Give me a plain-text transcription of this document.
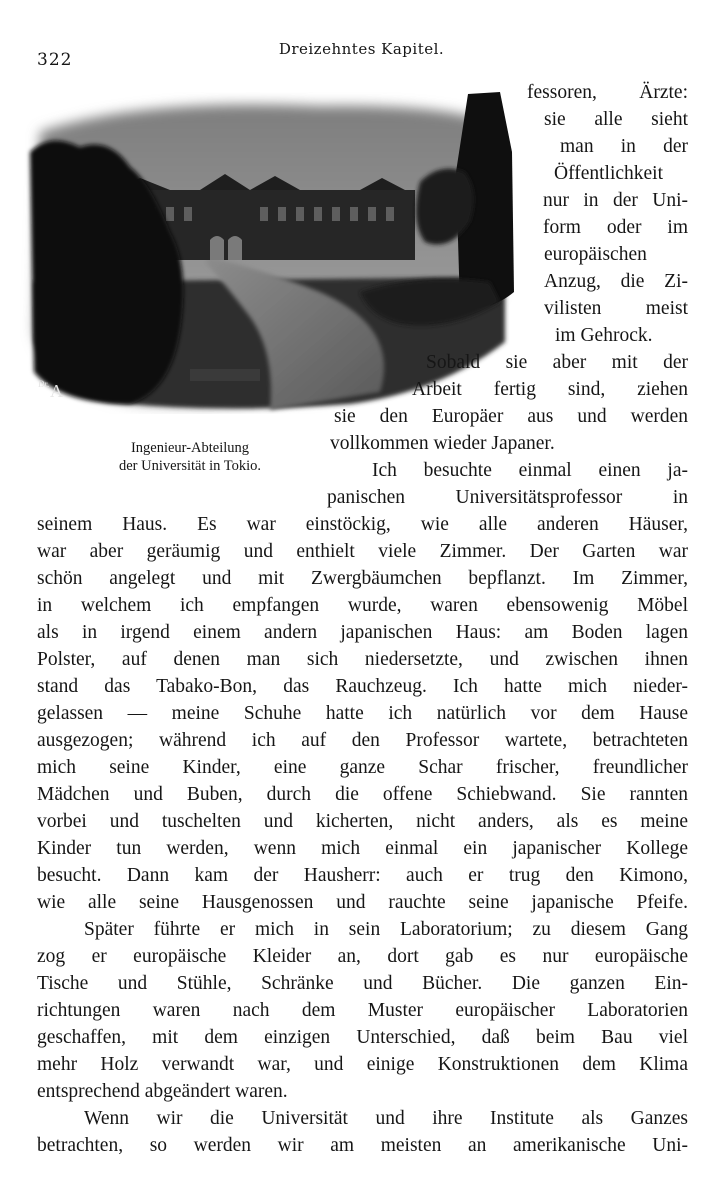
322
Dreizehntes Kapitel.
Dr. A
Ingenieur-Abteilung
der Universität in Tokio.

fessoren, Ärzte:

sie alle sieht

man in der

Öffentlichkeit

nur in der Uni-

form oder im

europäischen

Anzug, die Zi-

vilisten meist

im Gehrock.

Sobald sie aber mit der

Arbeit fertig sind, ziehen

sie den Europäer aus und werden

vollkommen wieder Japaner.

Ich besuchte einmal einen ja-

panischen Universitätsprofessor in

seinem Haus. Es war einstöckig, wie alle anderen Häuser,

war aber geräumig und enthielt viele Zimmer. Der Garten war

schön angelegt und mit Zwergbäumchen bepflanzt. Im Zimmer,

in welchem ich empfangen wurde, waren ebensowenig Möbel

als in irgend einem andern japanischen Haus: am Boden lagen

Polster, auf denen man sich niedersetzte, und zwischen ihnen

stand das Tabako-Bon, das Rauchzeug. Ich hatte mich nieder-

gelassen — meine Schuhe hatte ich natürlich vor dem Hause

ausgezogen; während ich auf den Professor wartete, betrachteten

mich seine Kinder, eine ganze Schar frischer, freundlicher

Mädchen und Buben, durch die offene Schiebwand. Sie rannten

vorbei und tuschelten und kicherten, nicht anders, als es meine

Kinder tun werden, wenn mich einmal ein japanischer Kollege

besucht. Dann kam der Hausherr: auch er trug den Kimono,

wie alle seine Hausgenossen und rauchte seine japanische Pfeife.

Später führte er mich in sein Laboratorium; zu diesem Gang

zog er europäische Kleider an, dort gab es nur europäische

Tische und Stühle, Schränke und Bücher. Die ganzen Ein-

richtungen waren nach dem Muster europäischer Laboratorien

geschaffen, mit dem einzigen Unterschied, daß beim Bau viel

mehr Holz verwandt war, und einige Konstruktionen dem Klima

entsprechend abgeändert waren.

Wenn wir die Universität und ihre Institute als Ganzes

betrachten, so werden wir am meisten an amerikanische Uni-
